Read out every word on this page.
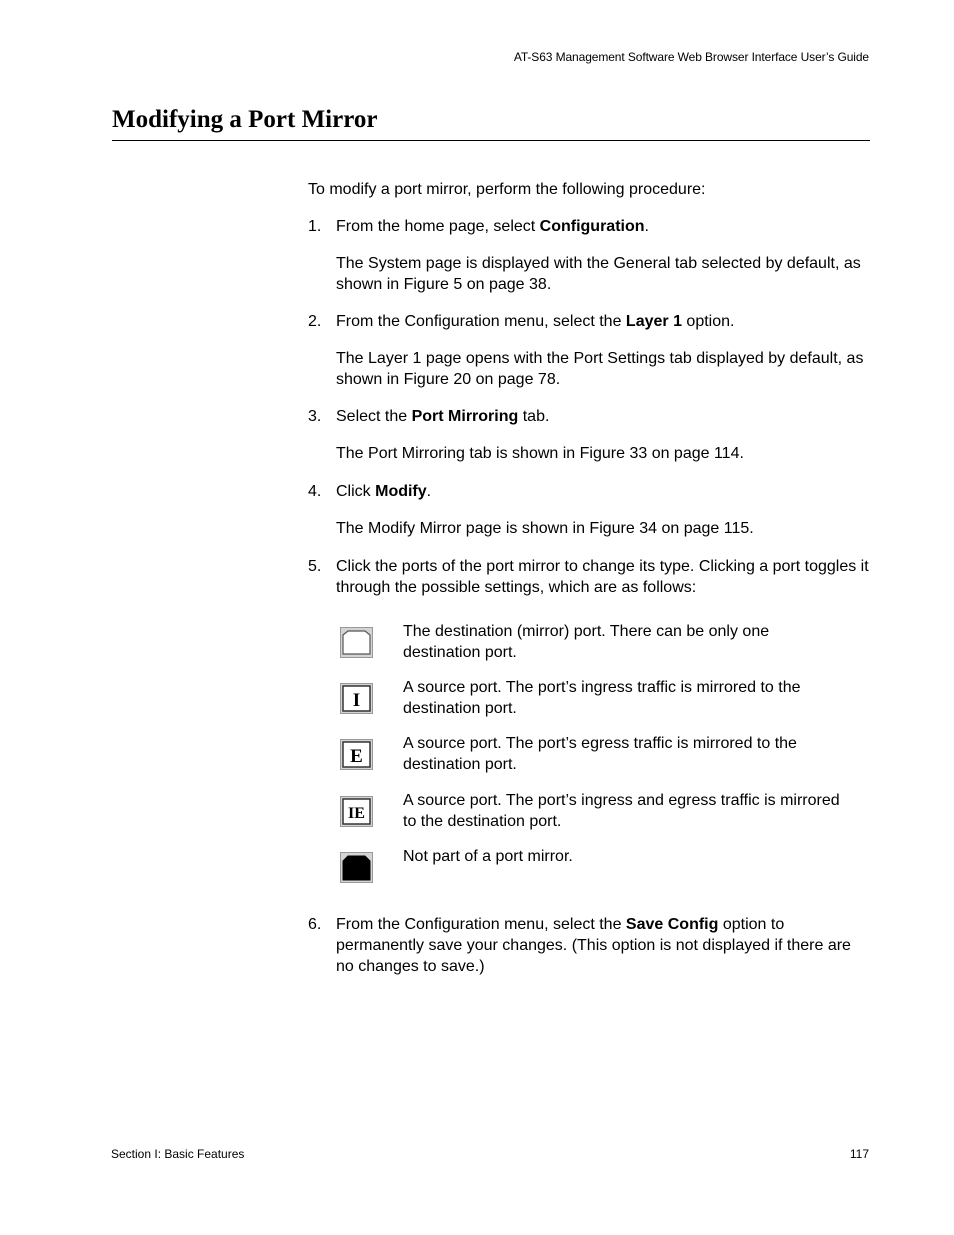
AT-S63 Management Software Web Browser Interface User’s Guide
Modifying a Port Mirror

To modify a port mirror, perform the following procedure:

1. From the home page, select Configuration.
The System page is displayed with the General tab selected by default, as shown in Figure 5 on page 38.
2. From the Configuration menu, select the Layer 1 option.
The Layer 1 page opens with the Port Settings tab displayed by default, as shown in Figure 20 on page 78.
3. Select the Port Mirroring tab.
The Port Mirroring tab is shown in Figure 33 on page 114.
4. Click Modify.
The Modify Mirror page is shown in Figure 34 on page 115.
5. Click the ports of the port mirror to change its type. Clicking a port toggles it through the possible settings, which are as follows:
The destination (mirror) port. There can be only one destination port.
I
A source port. The port’s ingress traffic is mirrored to the destination port.
E
A source port. The port’s egress traffic is mirrored to the destination port.
IE
A source port. The port’s ingress and egress traffic is mirrored to the destination port.
Not part of a port mirror.
6. From the Configuration menu, select the Save Config option to permanently save your changes. (This option is not displayed if there are no changes to save.)
Section I: Basic Features	117
